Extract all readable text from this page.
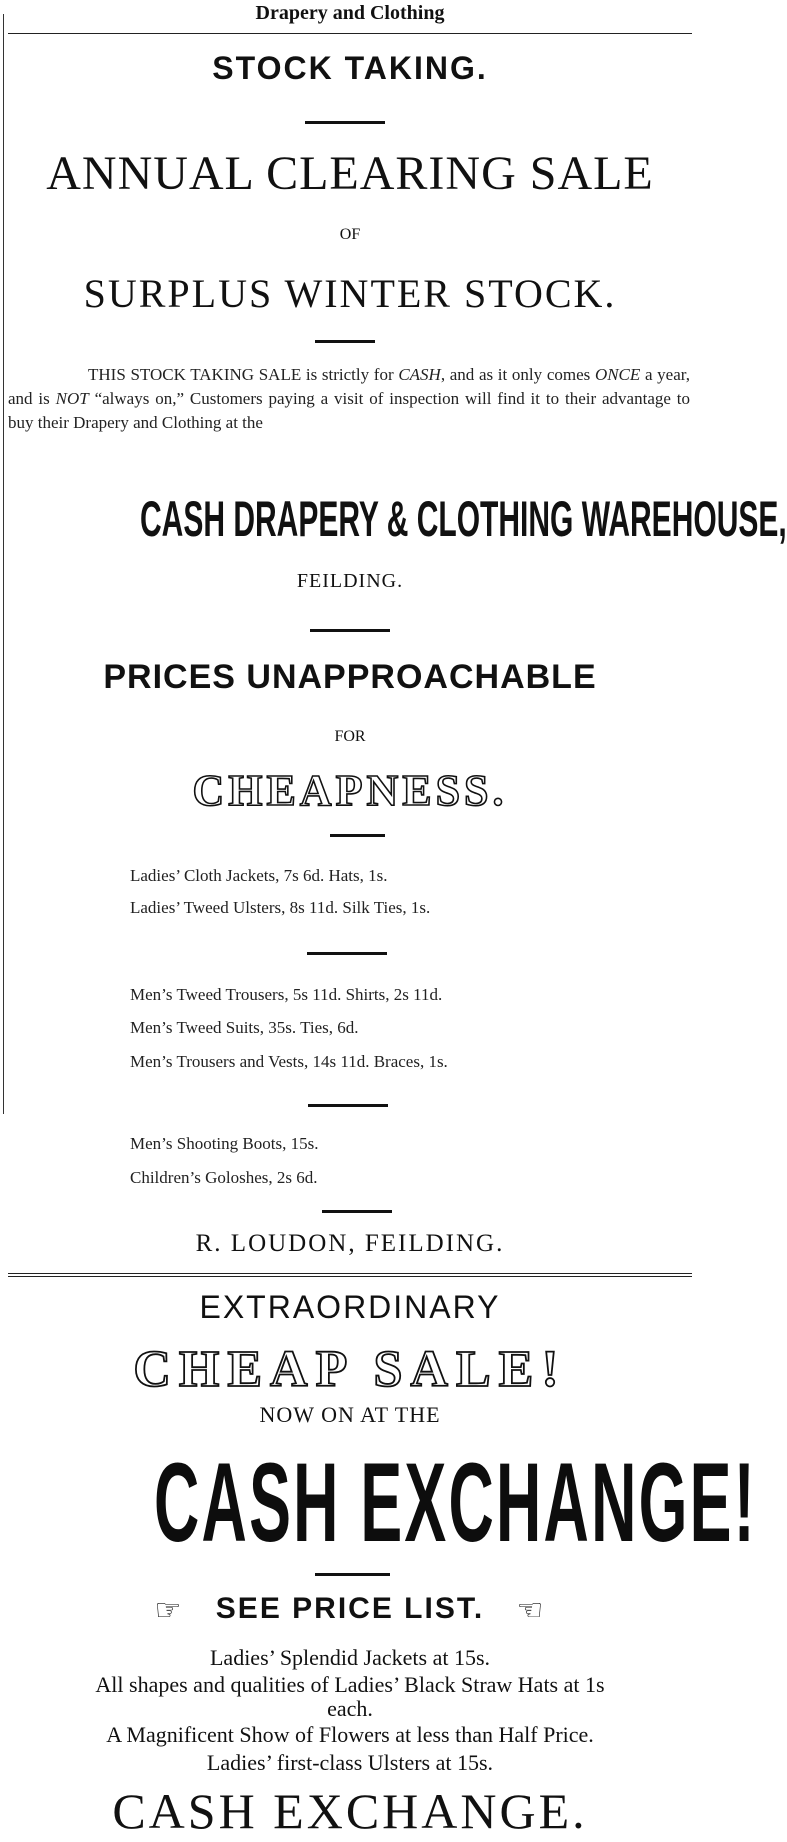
Drapery and Clothing
STOCK TAKING.
ANNUAL CLEARING SALE
OF
SURPLUS WINTER STOCK.
THIS STOCK TAKING SALE is strictly for CASH, and as it only comes ONCE a year, and is NOT “always on,” Customers paying a visit of inspection will find it to their advantage to buy their Drapery and Clothing at the
CASH DRAPERY & CLOTHING WAREHOUSE,
FEILDING.
PRICES UNAPPROACHABLE
FOR
CHEAPNESS.
Ladies’ Cloth Jackets, 7s 6d. Hats, 1s.
Ladies’ Tweed Ulsters, 8s 11d. Silk Ties, 1s.
Men’s Tweed Trousers, 5s 11d. Shirts, 2s 11d.
Men’s Tweed Suits, 35s. Ties, 6d.
Men’s Trousers and Vests, 14s 11d. Braces, 1s.
Men’s Shooting Boots, 15s.
Children’s Goloshes, 2s 6d.
R. LOUDON, FEILDING.
EXTRAORDINARY
CHEAP SALE!
NOW ON AT THE
CASH EXCHANGE!
☞ SEE PRICE LIST. ☜
Ladies’ Splendid Jackets at 15s.
All shapes and qualities of Ladies’ Black Straw Hats at 1s
each.
A Magnificent Show of Flowers at less than Half Price.
Ladies’ first-class Ulsters at 15s.
CASH EXCHANGE.
